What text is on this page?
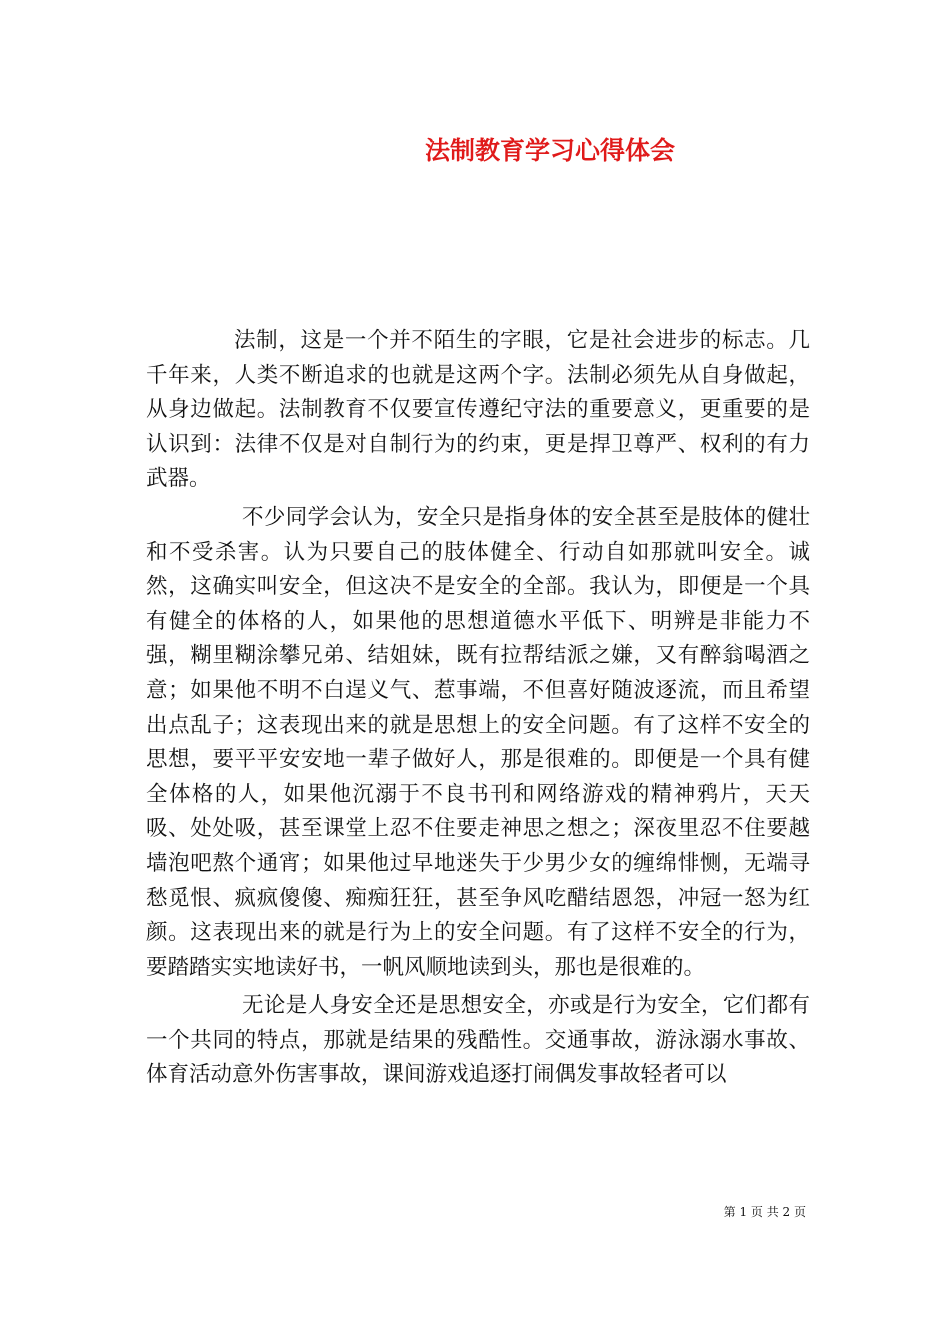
法制教育学习心得体会

法制，这是一个并不陌生的字眼，它是社会进步的标志。几千年来，人类不断追求的也就是这两个字。法制必须先从自身做起，从身边做起。法制教育不仅要宣传遵纪守法的重要意义，更重要的是认识到：法律不仅是对自制行为的约束，更是捍卫尊严、权利的有力武器。

不少同学会认为，安全只是指身体的安全甚至是肢体的健壮和不受杀害。认为只要自己的肢体健全、行动自如那就叫安全。诚然，这确实叫安全，但这决不是安全的全部。我认为，即便是一个具有健全的体格的人，如果他的思想道德水平低下、明辨是非能力不强，糊里糊涂攀兄弟、结姐妹，既有拉帮结派之嫌，又有醉翁喝酒之意；如果他不明不白逞义气、惹事端，不但喜好随波逐流，而且希望出点乱子；这表现出来的就是思想上的安全问题。有了这样不安全的思想，要平平安安地一辈子做好人，那是很难的。即便是一个具有健全体格的人，如果他沉溺于不良书刊和网络游戏的精神鸦片，天天吸、处处吸，甚至课堂上忍不住要走神思之想之；深夜里忍不住要越墙泡吧熬个通宵；如果他过早地迷失于少男少女的缠绵悱恻，无端寻愁觅恨、疯疯傻傻、痴痴狂狂，甚至争风吃醋结恩怨，冲冠一怒为红颜。这表现出来的就是行为上的安全问题。有了这样不安全的行为，要踏踏实实地读好书，一帆风顺地读到头，那也是很难的。

无论是人身安全还是思想安全，亦或是行为安全，它们都有一个共同的特点，那就是结果的残酷性。交通事故，游泳溺水事故、体育活动意外伤害事故，课间游戏追逐打闹偶发事故轻者可以

第 1 页 共 2 页
